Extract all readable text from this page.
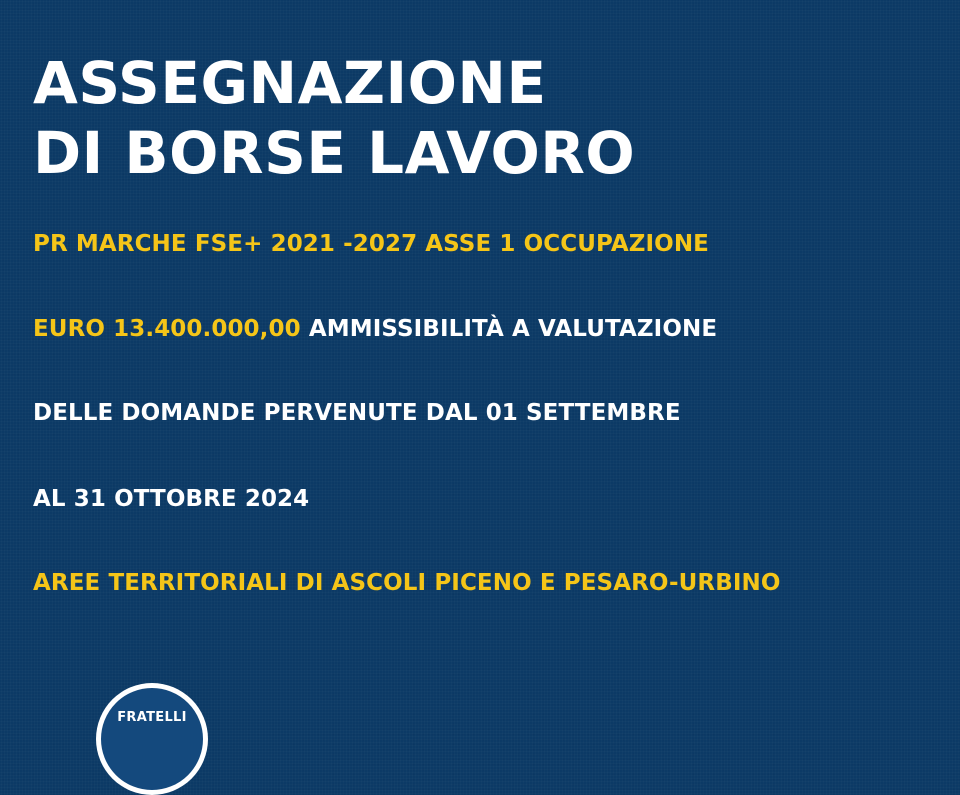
ASSEGNAZIONE
DI BORSE LAVORO

PR MARCHE FSE+ 2021 -2027 ASSE 1 OCCUPAZIONE

EURO 13.400.000,00 AMMISSIBILITÀ A VALUTAZIONE

DELLE DOMANDE PERVENUTE DAL 01 SETTEMBRE

AL 31 OTTOBRE 2024

AREE TERRITORIALI DI ASCOLI PICENO E PESARO-URBINO

FRATELLI
